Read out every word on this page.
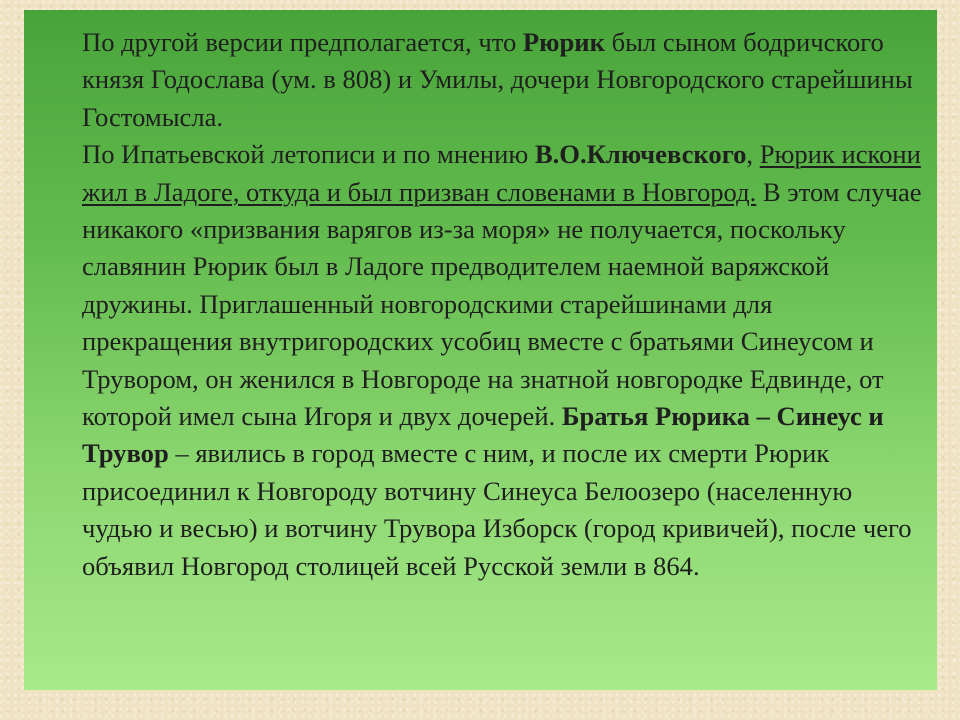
По другой версии предполагается, что Рюрик был сыном бодричского князя Годослава (ум. в 808) и Умилы, дочери Новгородского старейшины Гостомысла.

По Ипатьевской летописи и по мнению В.О.Ключевского, Рюрик искони жил в Ладоге, откуда и был призван словенами в Новгород. В этом случае никакого «призвания варягов из-за моря» не получается, поскольку славянин Рюрик был в Ладоге предводителем наемной варяжской дружины. Приглашенный новгородскими старейшинами для прекращения внутригородских усобиц вместе с братьями Синеусом и Трувором, он женился в Новгороде на знатной новгородке Едвинде, от которой имел сына Игоря и двух дочерей. Братья Рюрика – Синеус и Трувор – явились в город вместе с ним, и после их смерти Рюрик присоединил к Новгороду вотчину Синеуса Белоозеро (населенную чудью и весью) и вотчину Трувора Изборск (город кривичей), после чего объявил Новгород столицей всей Русской земли в 864.
